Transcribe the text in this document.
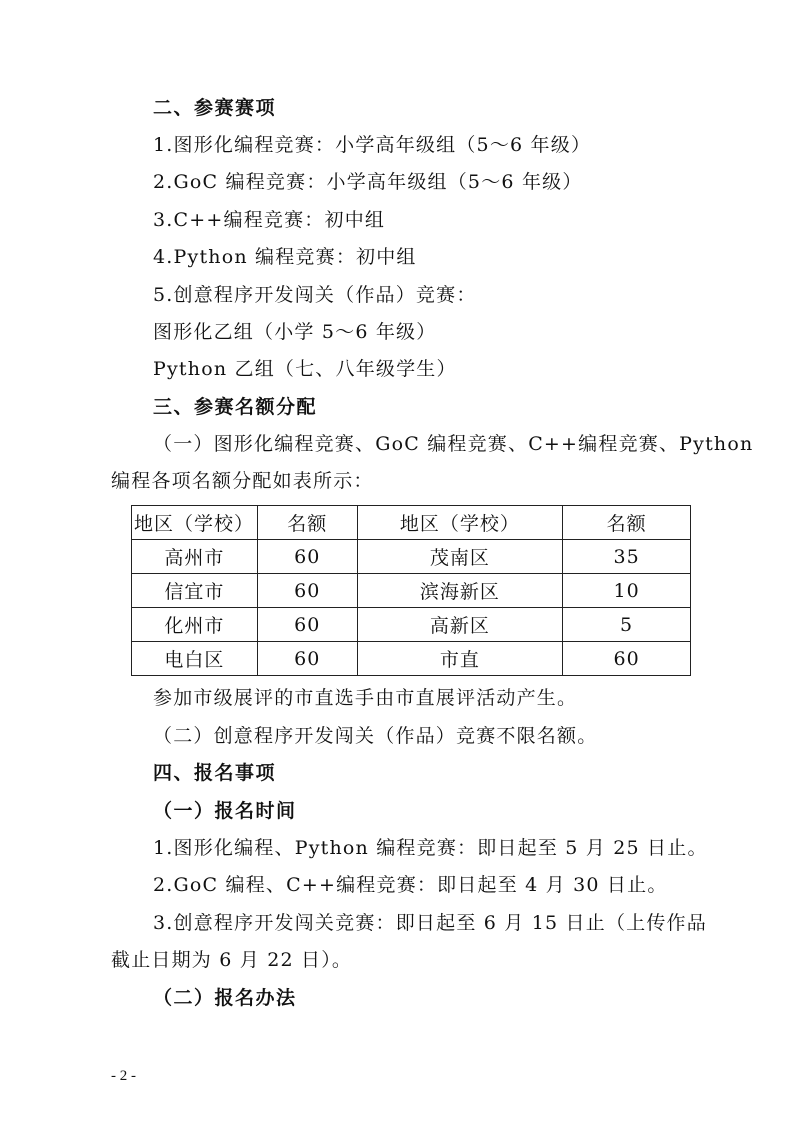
二、参赛赛项
1.图形化编程竞赛：小学高年级组（5～6 年级）
2.GoC 编程竞赛：小学高年级组（5～6 年级）
3.C++编程竞赛：初中组
4.Python 编程竞赛：初中组
5.创意程序开发闯关（作品）竞赛：
图形化乙组（小学 5～6 年级）
Python 乙组（七、八年级学生）
三、参赛名额分配
（一）图形化编程竞赛、GoC 编程竞赛、C++编程竞赛、Python
编程各项名额分配如表所示：
地区（学校）	名额	地区（学校）	名额
高州市	60	茂南区	35
信宜市	60	滨海新区	10
化州市	60	高新区	5
电白区	60	市直	60
参加市级展评的市直选手由市直展评活动产生。
（二）创意程序开发闯关（作品）竞赛不限名额。
四、报名事项
（一）报名时间
1.图形化编程、Python 编程竞赛：即日起至 5 月 25 日止。
2.GoC 编程、C++编程竞赛：即日起至 4 月 30 日止。
3.创意程序开发闯关竞赛：即日起至 6 月 15 日止（上传作品
截止日期为 6 月 22 日）。
（二）报名办法
- 2 -
